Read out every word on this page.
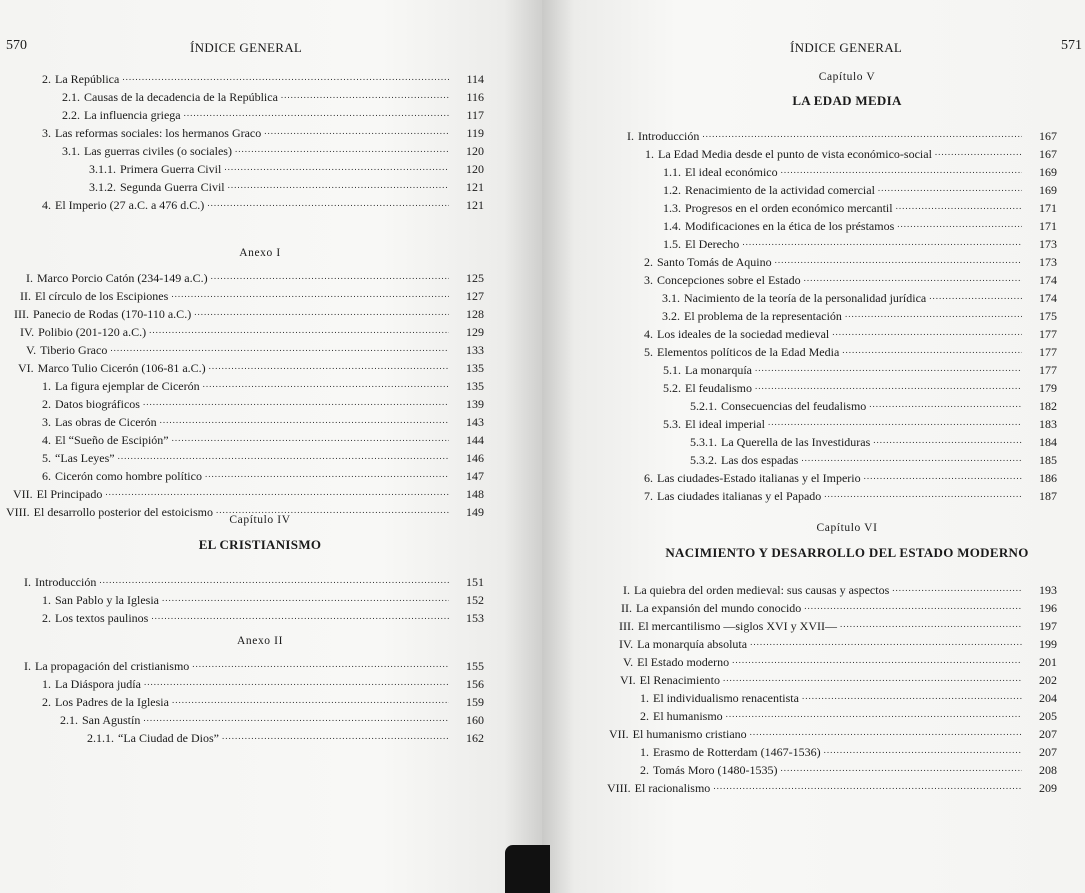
570	ÍNDICE GENERAL
Anexo I
Capítulo IV
EL CRISTIANISMO
Anexo II
2. La República .....	114
2.1. Causas de la decadencia de la República .....	116
2.2. La influencia griega .....	117
3. Las reformas sociales: los hermanos Graco .....	119
3.1. Las guerras civiles (o sociales) .....	120
3.1.1. Primera Guerra Civil .....	120
3.1.2. Segunda Guerra Civil .....	121
4. El Imperio (27 a.C. a 476 d.C.) .....	121
I. Marco Porcio Catón (234-149 a.C.) .....	125
II. El círculo de los Escipiones .....	127
III. Panecio de Rodas (170-110 a.C.) .....	128
IV. Polibio (201-120 a.C.) .....	129
V. Tiberio Graco .....	133
VI. Marco Tulio Cicerón (106-81 a.C.) .....	135
1. La figura ejemplar de Cicerón .....	135
2. Datos biográficos .....	139
3. Las obras de Cicerón .....	143
4. El “Sueño de Escipión” .....	144
5. “Las Leyes” .....	146
6. Cicerón como hombre político .....	147
VII. El Principado .....	148
VIII. El desarrollo posterior del estoicismo .....	149
I. Introducción .....	151
1. San Pablo y la Iglesia .....	152
2. Los textos paulinos .....	153
I. La propagación del cristianismo .....	155
1. La Diáspora judía .....	156
2. Los Padres de la Iglesia .....	159
2.1. San Agustín .....	160
2.1.1. “La Ciudad de Dios” .....	162
ÍNDICE GENERAL	571
Capítulo V
LA EDAD MEDIA
Capítulo VI
NACIMIENTO Y DESARROLLO DEL ESTADO MODERNO
I. Introducción .....	167
1. La Edad Media desde el punto de vista económico-social .....	167
1.1. El ideal económico .....	169
1.2. Renacimiento de la actividad comercial .....	169
1.3. Progresos en el orden económico mercantil .....	171
1.4. Modificaciones en la ética de los préstamos .....	171
1.5. El Derecho .....	173
2. Santo Tomás de Aquino .....	173
3. Concepciones sobre el Estado .....	174
3.1. Nacimiento de la teoría de la personalidad jurídica .....	174
3.2. El problema de la representación .....	175
4. Los ideales de la sociedad medieval .....	177
5. Elementos políticos de la Edad Media .....	177
5.1. La monarquía .....	177
5.2. El feudalismo .....	179
5.2.1. Consecuencias del feudalismo .....	182
5.3. El ideal imperial .....	183
5.3.1. La Querella de las Investiduras .....	184
5.3.2. Las dos espadas .....	185
6. Las ciudades-Estado italianas y el Imperio .....	186
7. Las ciudades italianas y el Papado .....	187
I. La quiebra del orden medieval: sus causas y aspectos .....	193
II. La expansión del mundo conocido .....	196
III. El mercantilismo —siglos XVI y XVII— .....	197
IV. La monarquía absoluta .....	199
V. El Estado moderno .....	201
VI. El Renacimiento .....	202
1. El individualismo renacentista .....	204
2. El humanismo .....	205
VII. El humanismo cristiano .....	207
1. Erasmo de Rotterdam (1467-1536) .....	207
2. Tomás Moro (1480-1535) .....	208
VIII. El racionalismo .....	209
